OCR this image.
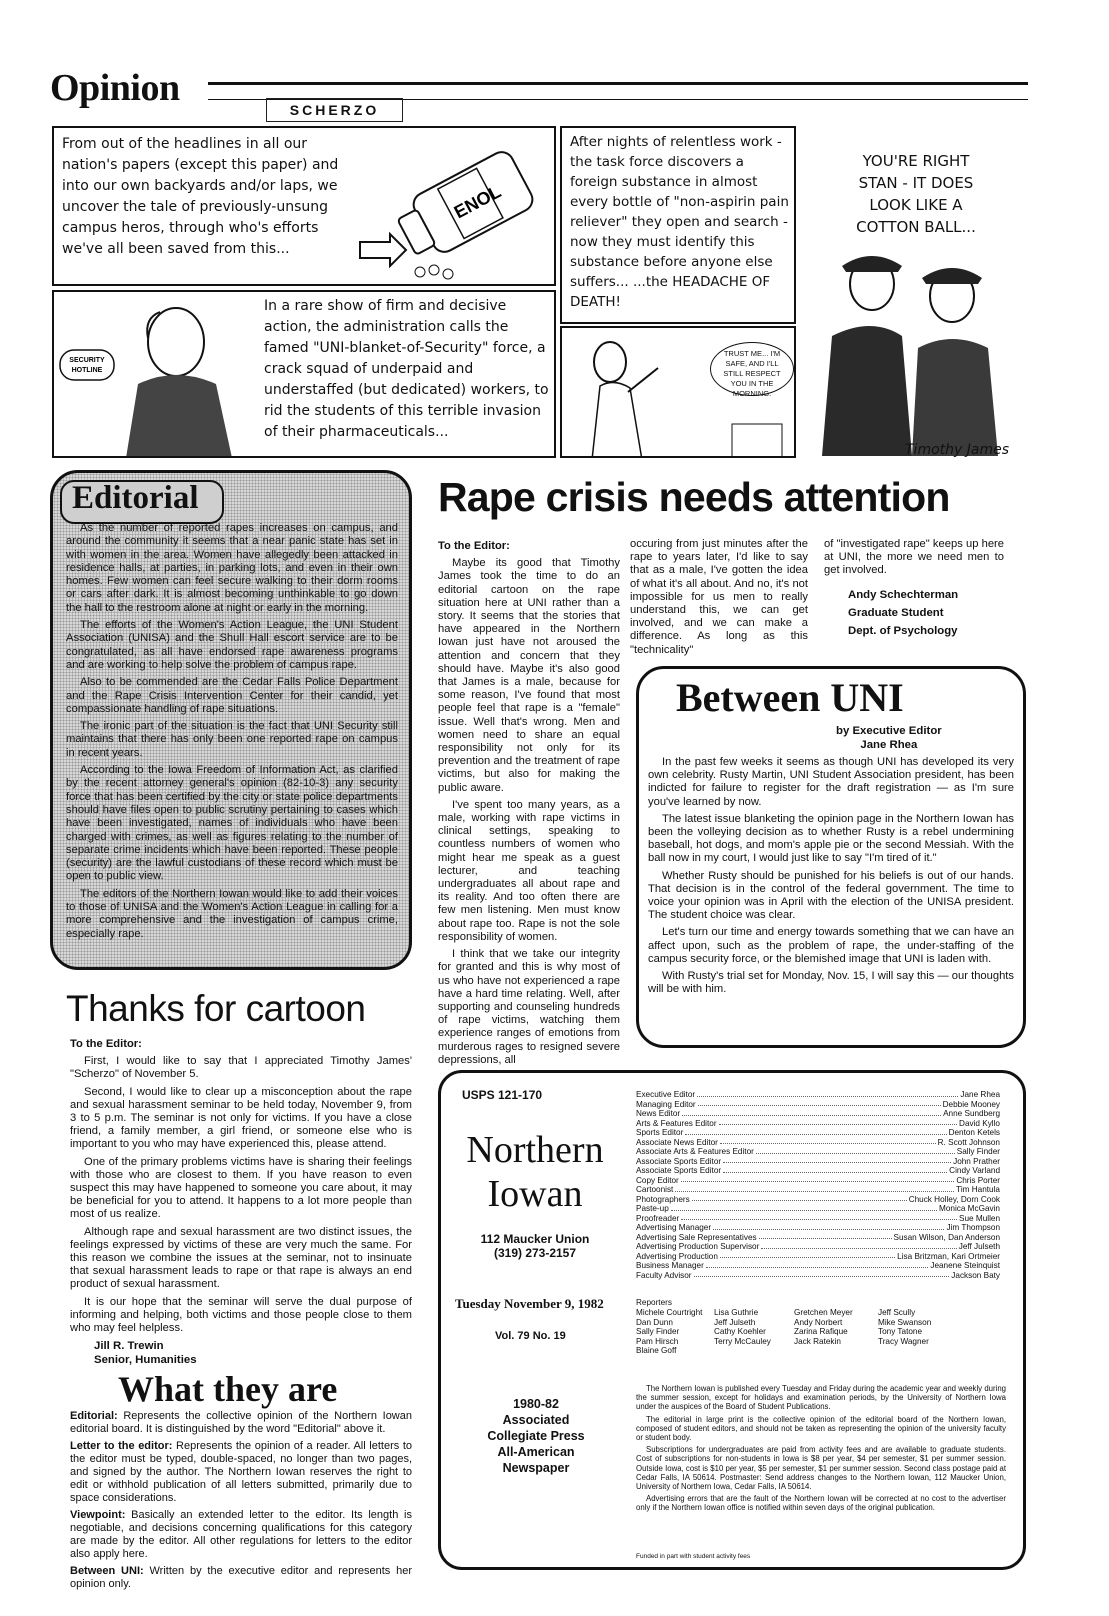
Opinion
SCHERZO
From out of the headlines in all our nation's papers (except this paper) and into our own backyards and/or laps, we uncover the tale of previously-unsung campus heros, through who's efforts we've all been saved from this...
ENOL
After nights of relentless work - the task force discovers a foreign substance in almost every bottle of "non-aspirin pain reliever" they open and search - now they must identify this substance before anyone else suffers... ...the HEADACHE OF DEATH!
YOU'RE RIGHT STAN - IT DOES LOOK LIKE A COTTON BALL...
SECURITY
HOTLINE
In a rare show of firm and decisive action, the administration calls the famed "UNI-blanket-of-Security" force, a crack squad of underpaid and understaffed (but dedicated) workers, to rid the students of this terrible invasion of their pharmaceuticals...
TRUST ME... I'M SAFE, AND I'LL STILL RESPECT YOU IN THE MORNING.
Timothy James
Editorial

As the number of reported rapes increases on campus, and around the community it seems that a near panic state has set in with women in the area. Women have allegedly been attacked in residence halls, at parties, in parking lots, and even in their own homes. Few women can feel secure walking to their dorm rooms or cars after dark. It is almost becoming unthinkable to go down the hall to the restroom alone at night or early in the morning.

The efforts of the Women's Action League, the UNI Student Association (UNISA) and the Shull Hall escort service are to be congratulated, as all have endorsed rape awareness programs and are working to help solve the problem of campus rape.

Also to be commended are the Cedar Falls Police Department and the Rape Crisis Intervention Center for their candid, yet compassionate handling of rape situations.

The ironic part of the situation is the fact that UNI Security still maintains that there has only been one reported rape on campus in recent years.

According to the Iowa Freedom of Information Act, as clarified by the recent attorney general's opinion (82-10-3) any security force that has been certified by the city or state police departments should have files open to public scrutiny pertaining to cases which have been investigated, names of individuals who have been charged with crimes, as well as figures relating to the number of separate crime incidents which have been reported. These people (security) are the lawful custodians of these record which must be open to public view.

The editors of the Northern Iowan would like to add their voices to those of UNISA and the Women's Action League in calling for a more comprehensive and the investigation of campus crime, especially rape.

Rape crisis needs attention
To the Editor:

Maybe its good that Timothy James took the time to do an editorial cartoon on the rape situation here at UNI rather than a story. It seems that the stories that have appeared in the Northern Iowan just have not aroused the attention and concern that they should have. Maybe it's also good that James is a male, because for some reason, I've found that most people feel that rape is a "female" issue. Well that's wrong. Men and women need to share an equal responsibility not only for its prevention and the treatment of rape victims, but also for making the public aware.

I've spent too many years, as a male, working with rape victims in clinical settings, speaking to countless numbers of women who might hear me speak as a guest lecturer, and teaching undergraduates all about rape and its reality. And too often there are few men listening. Men must know about rape too. Rape is not the sole responsibility of women.

I think that we take our integrity for granted and this is why most of us who have not experienced a rape have a hard time relating. Well, after supporting and counseling hundreds of rape victims, watching them experience ranges of emotions from murderous rages to resigned severe depressions, all

occuring from just minutes after the rape to years later, I'd like to say that as a male, I've gotten the idea of what it's all about. And no, it's not impossible for us men to really understand this, we can get involved, and we can make a difference. As long as this "technicality"
of "investigated rape" keeps up here at UNI, the more we need men to get involved.
Andy Schechterman
Graduate Student
Dept. of Psychology
Between UNI
by Executive Editor
Jane Rhea

In the past few weeks it seems as though UNI has developed its very own celebrity. Rusty Martin, UNI Student Association president, has been indicted for failure to register for the draft registration — as I'm sure you've learned by now.

The latest issue blanketing the opinion page in the Northern Iowan has been the volleying decision as to whether Rusty is a rebel undermining baseball, hot dogs, and mom's apple pie or the second Messiah. With the ball now in my court, I would just like to say "I'm tired of it."

Whether Rusty should be punished for his beliefs is out of our hands. That decision is in the control of the federal government. The time to voice your opinion was in April with the election of the UNISA president. The student choice was clear.

Let's turn our time and energy towards something that we can have an affect upon, such as the problem of rape, the under-staffing of the campus security force, or the blemished image that UNI is laden with.

With Rusty's trial set for Monday, Nov. 15, I will say this — our thoughts will be with him.

Thanks for cartoon
To the Editor:

First, I would like to say that I appreciated Timothy James' "Scherzo" of November 5.

Second, I would like to clear up a misconception about the rape and sexual harassment seminar to be held today, November 9, from 3 to 5 p.m. The seminar is not only for victims. If you have a close friend, a family member, a girl friend, or someone else who is important to you who may have experienced this, please attend.

One of the primary problems victims have is sharing their feelings with those who are closest to them. If you have reason to even suspect this may have happened to someone you care about, it may be beneficial for you to attend. It happens to a lot more people than most of us realize.

Although rape and sexual harassment are two distinct issues, the feelings expressed by victims of these are very much the same. For this reason we combine the issues at the seminar, not to insinuate that sexual harassment leads to rape or that rape is always an end product of sexual harassment.

It is our hope that the seminar will serve the dual purpose of informing and helping, both victims and those people close to them who may feel helpless.

Jill R. Trewin
Senior, Humanities
What they are
Editorial: Represents the collective opinion of the Northern Iowan editorial board. It is distinguished by the word "Editorial" above it.
Letter to the editor: Represents the opinion of a reader. All letters to the editor must be typed, double-spaced, no longer than two pages, and signed by the author. The Northern Iowan reserves the right to edit or withhold publication of all letters submitted, primarily due to space considerations.
Viewpoint: Basically an extended letter to the editor. Its length is negotiable, and decisions concerning qualifications for this category are made by the editor. All other regulations for letters to the editor also apply here.
Between UNI: Written by the executive editor and represents her opinion only.
USPS 121-170
Northern
Iowan
112 Maucker Union
(319) 273-2157
Tuesday November 9, 1982
Vol. 79 No. 19
1980-82
Associated
Collegiate Press
All-American
Newspaper
Executive Editor	Jane Rhea
Managing Editor	Debbie Mooney
News Editor	Anne Sundberg
Arts & Features Editor	David Kyllo
Sports Editor	Denton Ketels
Associate News Editor	R. Scott Johnson
Associate Arts & Features Editor	Sally Finder
Associate Sports Editor	John Prather
Associate Sports Editor	Cindy Varland
Copy Editor	Chris Porter
Cartoonist	Tim Hantula
Photographers	Chuck Holley, Dorn Cook
Paste-up	Monica McGavin
Proofreader	Sue Mullen
Advertising Manager	Jim Thompson
Advertising Sale Representatives	Susan Wilson, Dan Anderson
Advertising Production Supervisor	Jeff Julseth
Advertising Production	Lisa Britzman, Kari Ortmeier
Business Manager	Jeanene Steinquist
Faculty Advisor	Jackson Baty
Reporters
Michele Courtright	Lisa Guthrie	Gretchen Meyer	Jeff Scully
Dan Dunn	Jeff Julseth	Andy Norbert	Mike Swanson
Sally Finder	Cathy Koehler	Zarina Rafique	Tony Tatone
Pam Hirsch	Terry McCauley	Jack Ratekin	Tracy Wagner
Blaine Goff

The Northern Iowan is published every Tuesday and Friday during the academic year and weekly during the summer session, except for holidays and examination periods, by the University of Northern Iowa under the auspices of the Board of Student Publications.

The editorial in large print is the collective opinion of the editorial board of the Northern Iowan, composed of student editors, and should not be taken as representing the opinion of the university faculty or student body.

Subscriptions for undergraduates are paid from activity fees and are available to graduate students. Cost of subscriptions for non-students in Iowa is $8 per year, $4 per semester, $1 per summer session. Outside Iowa, cost is $10 per year, $5 per semester, $1 per summer session. Second class postage paid at Cedar Falls, IA 50614. Postmaster: Send address changes to the Northern Iowan, 112 Maucker Union, University of Northern Iowa, Cedar Falls, IA 50614.

Advertising errors that are the fault of the Northern Iowan will be corrected at no cost to the advertiser only if the Northern Iowan office is notified within seven days of the original publication.

Funded in part with student activity fees
